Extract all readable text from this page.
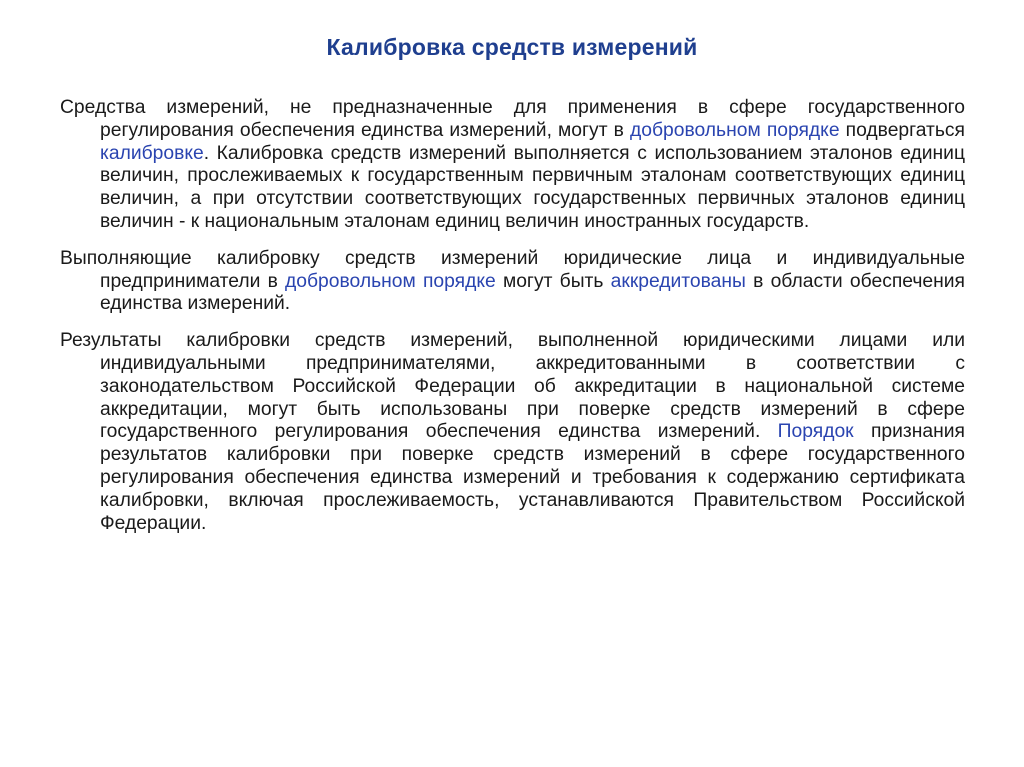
Калибровка средств измерений

Средства измерений, не предназначенные для применения в сфере государственного регулирования обеспечения единства измерений, могут в добровольном порядке подвергаться калибровке. Калибровка средств измерений выполняется с использованием эталонов единиц величин, прослеживаемых к государственным первичным эталонам соответствующих единиц величин, а при отсутствии соответствующих государственных первичных эталонов единиц величин - к национальным эталонам единиц величин иностранных государств.

Выполняющие калибровку средств измерений юридические лица и индивидуальные предприниматели в добровольном порядке могут быть аккредитованы в области обеспечения единства измерений.

Результаты калибровки средств измерений, выполненной юридическими лицами или индивидуальными предпринимателями, аккредитованными в соответствии с законодательством Российской Федерации об аккредитации в национальной системе аккредитации, могут быть использованы при поверке средств измерений в сфере государственного регулирования обеспечения единства измерений. Порядок признания результатов калибровки при поверке средств измерений в сфере государственного регулирования обеспечения единства измерений и требования к содержанию сертификата калибровки, включая прослеживаемость, устанавливаются Правительством Российской Федерации.
